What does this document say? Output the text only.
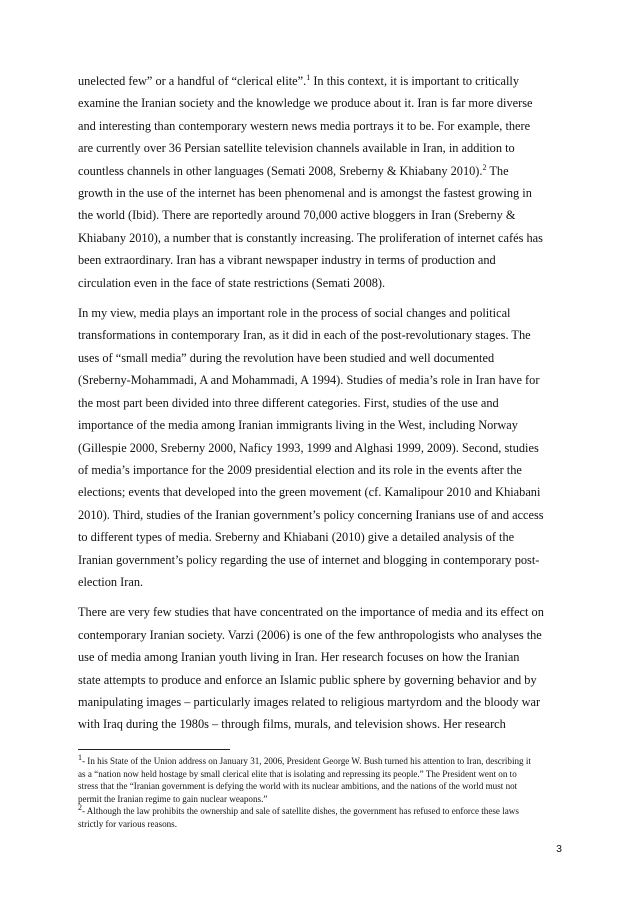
unelected few” or a handful of “clerical elite”.$^1$ In this context, it is important to critically
examine the Iranian society and the knowledge we produce about it. Iran is far more diverse
and interesting than contemporary western news media portrays it to be. For example, there
are currently over 36 Persian satellite television channels available in Iran, in addition to
countless channels in other languages (Semati 2008, Sreberny & Khiabany 2010).$^2$ The
growth in the use of the internet has been phenomenal and is amongst the fastest growing in
the world (Ibid). There are reportedly around 70,000 active bloggers in Iran (Sreberny &
Khiabany 2010), a number that is constantly increasing. The proliferation of internet cafés has
been extraordinary. Iran has a vibrant newspaper industry in terms of production and
circulation even in the face of state restrictions (Semati 2008).

In my view, media plays an important role in the process of social changes and political
transformations in contemporary Iran, as it did in each of the post-revolutionary stages. The
uses of “small media” during the revolution have been studied and well documented
(Sreberny-Mohammadi, A and Mohammadi, A 1994). Studies of media’s role in Iran have for
the most part been divided into three different categories. First, studies of the use and
importance of the media among Iranian immigrants living in the West, including Norway
(Gillespie 2000, Sreberny 2000, Naficy 1993, 1999 and Alghasi 1999, 2009). Second, studies
of media’s importance for the 2009 presidential election and its role in the events after the
elections; events that developed into the green movement (cf. Kamalipour 2010 and Khiabani
2010). Third, studies of the Iranian government’s policy concerning Iranians use of and access
to different types of media. Sreberny and Khiabani (2010) give a detailed analysis of the
Iranian government’s policy regarding the use of internet and blogging in contemporary post-
election Iran.

There are very few studies that have concentrated on the importance of media and its effect on
contemporary Iranian society. Varzi (2006) is one of the few anthropologists who analyses the
use of media among Iranian youth living in Iran. Her research focuses on how the Iranian
state attempts to produce and enforce an Islamic public sphere by governing behavior and by
manipulating images – particularly images related to religious martyrdom and the bloody war
with Iraq during the 1980s – through films, murals, and television shows. Her research

1- In his State of the Union address on January 31, 2006, President George W. Bush turned his attention to Iran, describing it
as a “nation now held hostage by small clerical elite that is isolating and repressing its people.” The President went on to
stress that the “Iranian government is defying the world with its nuclear ambitions, and the nations of the world must not
permit the Iranian regime to gain nuclear weapons.”
2- Although the law prohibits the ownership and sale of satellite dishes, the government has refused to enforce these laws
strictly for various reasons.
3
